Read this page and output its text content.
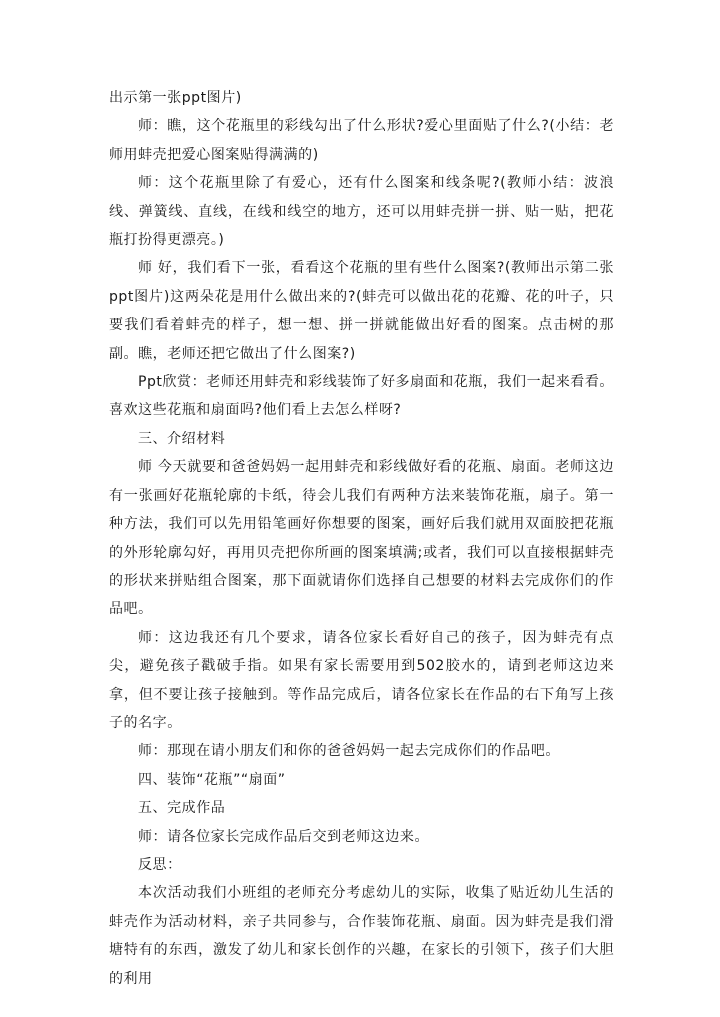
出示第一张ppt图片)

师：瞧，这个花瓶里的彩线勾出了什么形状?爱心里面贴了什么?(小结：老师用蚌壳把爱心图案贴得满满的)

师：这个花瓶里除了有爱心，还有什么图案和线条呢?(教师小结：波浪线、弹簧线、直线，在线和线空的地方，还可以用蚌壳拼一拼、贴一贴，把花瓶打扮得更漂亮。)

师 好，我们看下一张，看看这个花瓶的里有些什么图案?(教师出示第二张ppt图片)这两朵花是用什么做出来的?(蚌壳可以做出花的花瓣、花的叶子，只要我们看着蚌壳的样子，想一想、拼一拼就能做出好看的图案。点击树的那副。瞧，老师还把它做出了什么图案?)

Ppt欣赏：老师还用蚌壳和彩线装饰了好多扇面和花瓶，我们一起来看看。喜欢这些花瓶和扇面吗?他们看上去怎么样呀?

三、介绍材料

师 今天就要和爸爸妈妈一起用蚌壳和彩线做好看的花瓶、扇面。老师这边有一张画好花瓶轮廓的卡纸，待会儿我们有两种方法来装饰花瓶，扇子。第一种方法，我们可以先用铅笔画好你想要的图案，画好后我们就用双面胶把花瓶的外形轮廓勾好，再用贝壳把你所画的图案填满;或者，我们可以直接根据蚌壳的形状来拼贴组合图案，那下面就请你们选择自己想要的材料去完成你们的作品吧。

师：这边我还有几个要求，请各位家长看好自己的孩子，因为蚌壳有点尖，避免孩子戳破手指。如果有家长需要用到502胶水的，请到老师这边来拿，但不要让孩子接触到。等作品完成后，请各位家长在作品的右下角写上孩子的名字。

师：那现在请小朋友们和你的爸爸妈妈一起去完成你们的作品吧。

四、装饰“花瓶”“扇面”

五、完成作品

师：请各位家长完成作品后交到老师这边来。

反思：

本次活动我们小班组的老师充分考虑幼儿的实际，收集了贴近幼儿生活的蚌壳作为活动材料，亲子共同参与，合作装饰花瓶、扇面。因为蚌壳是我们滑塘特有的东西，激发了幼儿和家长创作的兴趣，在家长的引领下，孩子们大胆的利用
